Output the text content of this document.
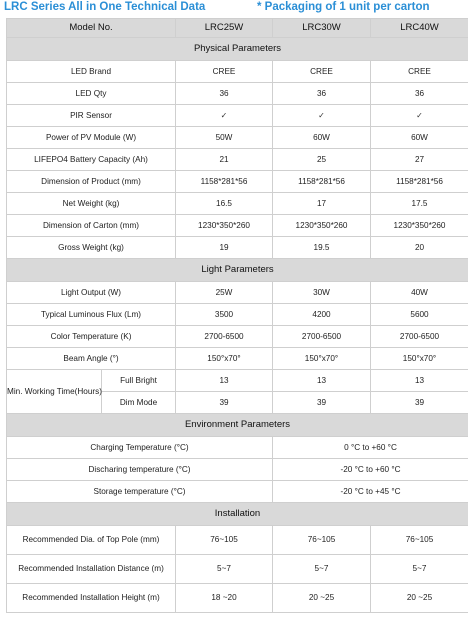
LRC Series All in One Technical Data	* Packaging of 1 unit per carton
Model No.		LRC25W	LRC30W	LRC40W
Physical Parameters				
LED Brand		CREE	CREE	CREE
LED Qty		36	36	36
PIR Sensor		✓	✓	✓
Power of PV Module (W)		50W	60W	60W
LIFEPO4 Battery Capacity (Ah)		21	25	27
Dimension of Product (mm)		1158*281*56	1158*281*56	1158*281*56
Net Weight (kg)		16.5	17	17.5
Dimension of Carton (mm)		1230*350*260	1230*350*260	1230*350*260
Gross Weight (kg)		19	19.5	20
Light Parameters				
Light Output (W)		25W	30W	40W
Typical Luminous Flux (Lm)		3500	4200	5600
Color Temperature (K)		2700-6500	2700-6500	2700-6500
Beam Angle (°)		150°x70°	150°x70°	150°x70°
Min. Working Time(Hours)	Full Bright	13	13	13
	Dim Mode	39	39	39
Environment Parameters				
Charging Temperature (°C)			0 °C to +60 °C	
Discharing temperature (°C)			-20 °C to +60 °C	
Storage temperature (°C)			-20 °C to +45 °C	
Installation				
Recommended Dia. of Top Pole (mm)		76~105	76~105	76~105
Recommended Installation Distance (m)		5~7	5~7	5~7
Recommended Installation Height (m)		18 ~20	20 ~25	20 ~25
